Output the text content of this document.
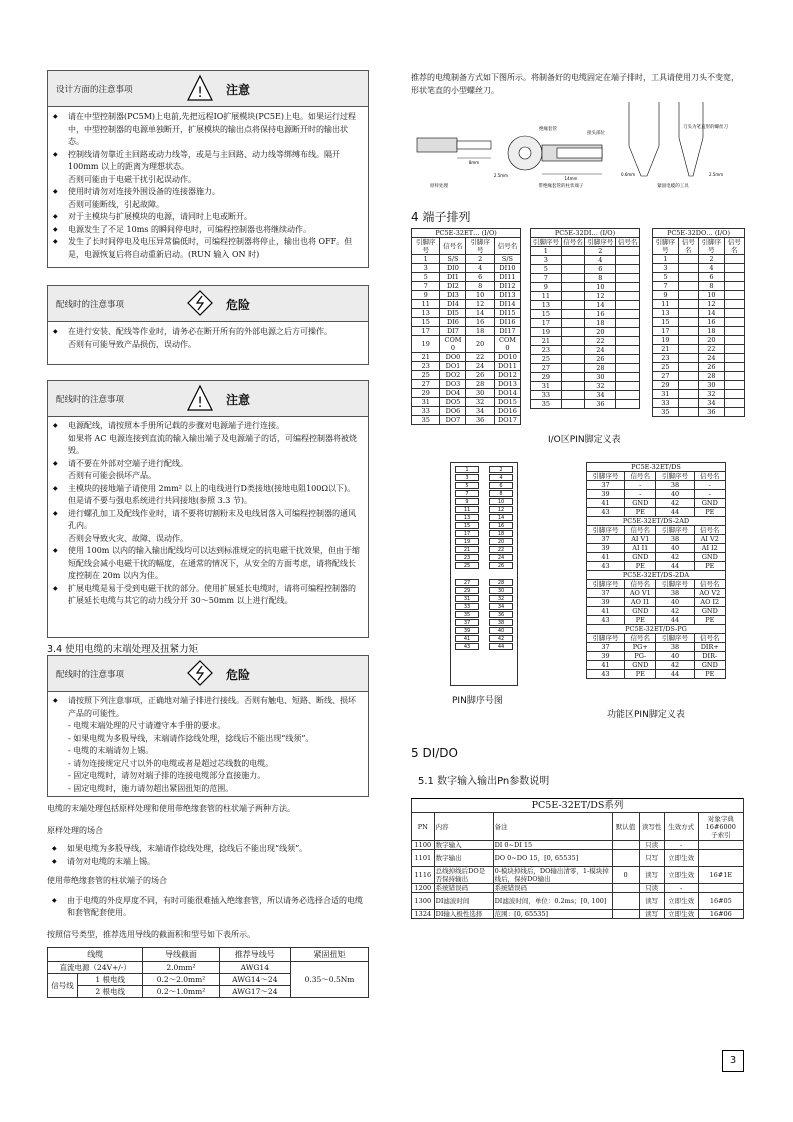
设计方面的注意事项	! 注意
◆ 请在中型控制器(PC5M)上电前,先把远程IO扩展模块(PC5E)上电。如果运行过程中，中型控制器的电源单独断开，扩展模块的输出点将保持电源断开时的输出状态。
◆ 控制线请勿靠近主回路或动力线等，或是与主回路、动力线等绑缚布线。隔开 100mm 以上的距离为理想状态。
否则可能由于电磁干扰引起误动作。
◆ 使用时请勿对连接外围设备的连接器施力。
否则可能断线，引起故障。
◆ 对于主模块与扩展模块的电源，请同时上电或断开。
◆ 电源发生了不足 10ms 的瞬间停电时，可编程控制器也将继续动作。
◆ 发生了长时间停电及电压异常偏低时，可编程控制器将停止，输出也将 OFF。但是，电源恢复后将自动重新启动。(RUN 输入 ON 时)
配线时的注意事项	危险
◆ 在进行安装、配线等作业时，请务必在断开所有的外部电源之后方可操作。
否则有可能导致产品损伤，误动作。
配线时的注意事项	! 注意
◆ 电源配线，请按照本手册所记载的步骤对电源端子进行连接。
如果将 AC 电源连接到直流的输入输出端子及电源端子的话，可编程控制器将被烧毁。
◆ 请不要在外部对空端子进行配线。
否则有可能会损坏产品。
◆ 主模块的接地端子请使用 2mm² 以上的电线进行D类接地(接地电阻100Ω以下)。
但是请不要与强电系统进行共同接地(参照 3.3 节)。
◆ 进行螺孔加工及配线作业时，请不要将切割粉末及电线屑落入可编程控制器的通风孔内。
否则会导致火灾、故障、误动作。
◆ 使用 100m 以内的输入输出配线均可以达到标准规定的抗电磁干扰效果，但由于缩短配线会减小电磁干扰的幅度，在通常的情况下，从安全的方面考虑，请将配线长度控制在 20m 以内为佳。
◆ 扩展电缆是易于受到电磁干扰的部分。使用扩展延长电缆时，请将可编程控制器的扩展延长电缆与其它的动力线分开 30～50mm 以上进行配线。
3.4 使用电缆的末端处理及扭紧力矩
配线时的注意事项	危险
◆ 请按照下列注意事项，正确地对端子排进行接线。否则有触电、短路、断线、损坏产品的可能性。
- 电缆末端处理的尺寸请遵守本手册的要求。
- 如果电缆为多股导线，末端请作捻线处理，捻线后不能出现“线须”。
- 电缆的末端请勿上锡。
- 请勿连接规定尺寸以外的电缆或者是超过芯线数的电缆。
- 固定电缆时，请勿对端子排的连接电缆部分直接施力。
- 固定电缆时，施力请勿超出紧固扭矩的范围。

电缆的末端处理包括原样处理和使用带绝缘套管的柱状端子两种方法。

原样处理的场合

◆ 如果电缆为多股导线，末端请作捻线处理，捻线后不能出现“线须”。
◆ 请勿对电缆的末端上锡。

使用带绝缘套管的柱状端子的场合

◆ 由于电缆的外皮厚度不同，有时可能很难插入绝缘套管，所以请务必选择合适的电缆和套管配套使用。

按照信号类型，推荐选用导线的截面积和型号如下表所示。

线缆		导线截面	推荐导线号	紧固扭矩
直流电源（24V+/-）		2.0mm²	AWG14	0.35～0.5Nm
信号线	1 根电线	0.2～2.0mm²	AWG14～24	
	2 根电线	0.2～1.0mm²	AWG17～24	

推荐的电缆制备方式如下图所示。将制备好的电缆固定在端子排时，工具请使用刀头不变宽，形状笔直的小型螺丝刀。

8mm
2.5mm
14mm
绝缘套管
接头部位
刀头为笔直形的螺丝刀
0.6mm	2.5mm
原样处理	带绝缘套管的柱状端子	紧固电缆的工具
4 端子排列
PC5E-32ET… (I/O)			
引脚序号	信号名	引脚序号	信号名
1	S/S	2	S/S
3	DI0	4	DI10
5	DI1	6	DI11
7	DI2	8	DI12
9	DI3	10	DI13
11	DI4	12	DI14
13	DI5	14	DI15
15	DI6	16	DI16
17	DI7	18	DI17
19	COM 0	20	COM 0
21	DO0	22	DO10
23	DO1	24	DO11
25	DO2	26	DO12
27	DO3	28	DO13
29	DO4	30	DO14
31	DO5	32	DO15
33	DO6	34	DO16
35	DO7	36	DO17
PC5E-32DI… (I/O)			
引脚序号	信号名	引脚序号	信号名
1		2	
3		4	
5		6	
7		8	
9		10	
11		12	
13		14	
15		16	
17		18	
19		20	
21		22	
23		24	
25		26	
27		28	
29		30	
31		32	
33		34	
35		36	
PC5E-32DO… (I/O)			
引脚序号	信号名	引脚序号	信号名
1		2	
3		4	
5		6	
7		8	
9		10	
11		12	
13		14	
15		16	
17		18	
19		20	
21		22	
23		24	
25		26	
27		28	
29		30	
31		32	
33		34	
35		36	

I/O区PIN脚定义表

1	2
3	4
5	6
7	8
9	10
11	12
13	14
15	16
17	18
19	20
21	22
23	24
25	26
27	28
29	30
31	32
33	34
35	36
37	38
39	40
41	42
43	44

PIN脚序号图

PC5E-32ET/DS			
引脚序号	信号名	引脚序号	信号名
37	-	38	-
39	-	40	-
41	GND	42	GND
43	PE	44	PE
PC5E-32ET/DS-2AD			
引脚序号	信号名	引脚序号	信号名
37	AI V1	38	AI V2
39	AI I1	40	AI I2
41	GND	42	GND
43	PE	44	PE
PC5E-32ET/DS-2DA			
引脚序号	信号名	引脚序号	信号名
37	AO V1	38	AO V2
39	AO I1	40	AO I2
41	GND	42	GND
43	PE	44	PE
PC5E-32ET/DS-PG			
引脚序号	信号名	引脚序号	信号名
37	PG+	38	DIR+
39	PG-	40	DIR-
41	GND	42	GND
43	PE	44	PE

功能区PIN脚定义表

5 DI/DO
5.1 数字输入输出Pn参数说明
PC5E-32ET/DS系列						
PN	内容	备注	默认值	读写性	生效方式	对象字典
16#6000
子索引
1100	数字输入	DI 0~DI 15		只读	-	
1101	数字输出	DO 0~DO 15，[0, 65535]		只写	立即生效	
1116	总线掉线后DO是否保持输出	0-模块掉线后，DO输出清零，1-模块掉线后，保持DO输出	0	读写	立即生效	16#1E
1200	系统错误码	系统错误码		只读	-	
1300	DI滤波时间	DI滤波时间，单位：0.2ms；[0, 100]		读写	立即生效	16#05
1324	DI输入极性选择	范围：[0, 65535]		读写	立即生效	16#06
3
